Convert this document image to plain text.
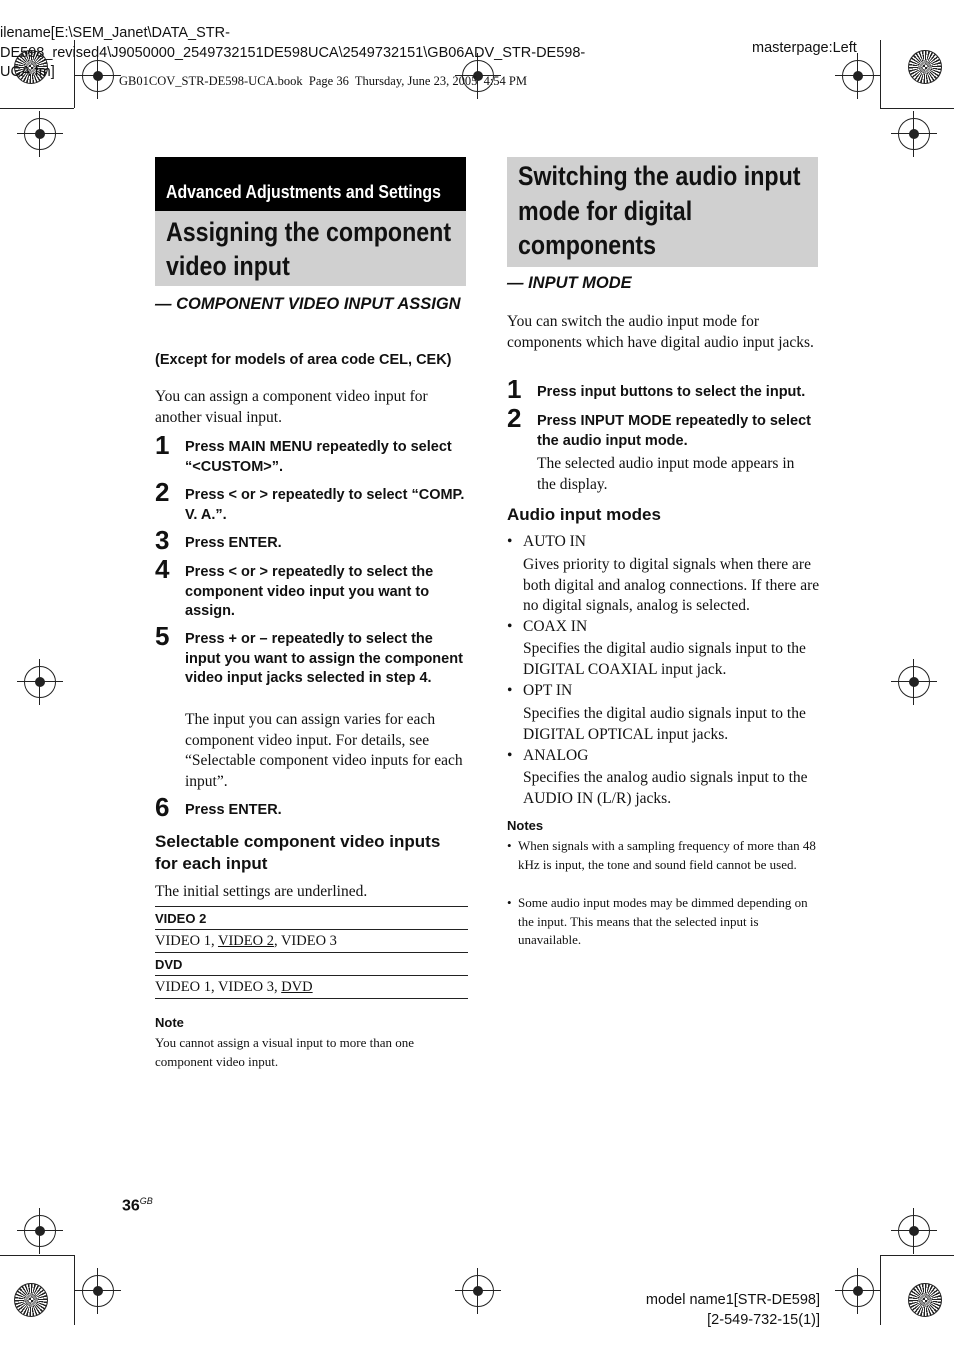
ilename[E:\SEM_Janet\DATA_STR-
DE598_revised4\J9050000_2549732151DE598UCA\2549732151\GB06ADV_STR-DE598-
UCA.fm]
masterpage:Left
GB01COV_STR-DE598-UCA.book  Page 36  Thursday, June 23, 2005  4:54 PM
Advanced Adjustments and Settings
Assigning the component video input
— COMPONENT VIDEO INPUT ASSIGN
(Except for models of area code CEL, CEK)
You can assign a component video input for another visual input.
1 Press MAIN MENU repeatedly to select “<CUSTOM>”.
2 Press < or > repeatedly to select “COMP. V. A.”.
3 Press ENTER.
4 Press < or > repeatedly to select the component video input you want to assign.
5 Press + or – repeatedly to select the input you want to assign the component video input jacks selected in step 4.
The input you can assign varies for each component video input. For details, see “Selectable component video inputs for each input”.
6 Press ENTER.
Selectable component video inputs for each input
The initial settings are underlined.
VIDEO 2
VIDEO 1, VIDEO 2, VIDEO 3
DVD
VIDEO 1, VIDEO 3, DVD
Note
You cannot assign a visual input to more than one component video input.
Switching the audio input mode for digital components
— INPUT MODE
You can switch the audio input mode for components which have digital audio input jacks.
1 Press input buttons to select the input.
2 Press INPUT MODE repeatedly to select the audio input mode.
The selected audio input mode appears in the display.
Audio input modes
• AUTO IN
Gives priority to digital signals when there are both digital and analog connections. If there are no digital signals, analog is selected.
• COAX IN
Specifies the digital audio signals input to the DIGITAL COAXIAL input jack.
• OPT IN
Specifies the digital audio signals input to the DIGITAL OPTICAL input jacks.
• ANALOG
Specifies the analog audio signals input to the AUDIO IN (L/R) jacks.
Notes
• When signals with a sampling frequency of more than 48 kHz is input, the tone and sound field cannot be used.
• Some audio input modes may be dimmed depending on the input. This means that the selected input is unavailable.
$36^{GB}$
model name1[STR-DE598]
[2-549-732-15(1)]
